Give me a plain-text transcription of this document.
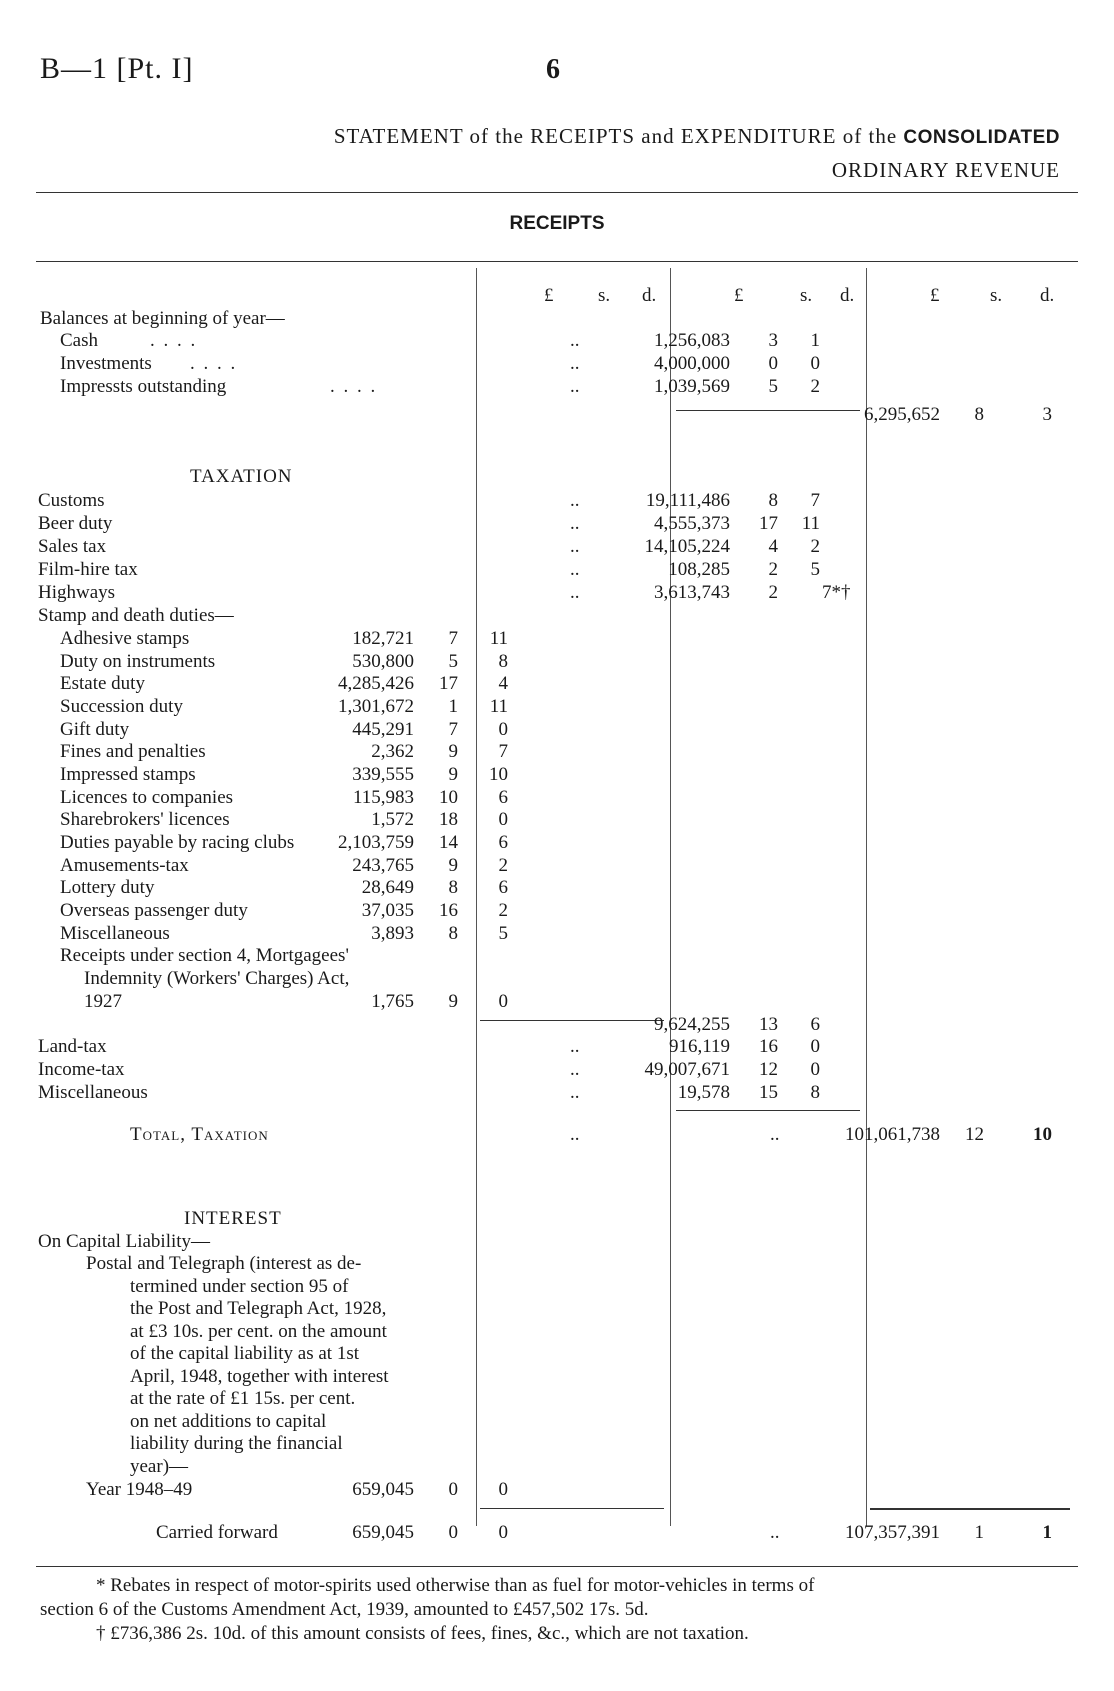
B—1 [Pt. I]	6
STATEMENT of the RECEIPTS and EXPENDITURE of the CONSOLIDATED
ORDINARY REVENUE
RECEIPTS
£ s. d.	£	s. d.	£	s. d.
Balances at beginning of year—
Cash	. . . .	..	1,256,083 3 1
Investments . . . .	..	4,000,000 0 0
Impressts outstanding	. . . .	..	1,039,569 5 2
6,295,652 8	3
TAXATION
Customs	..	19,111,486 8 7
Beer duty	..	4,555,373 17 11
Sales tax	..	14,105,224 4 2
Film-hire tax	..	108,285 2 5
Highways	..	3,613,743 2 7*†
Stamp and death duties—
Adhesive stamps	182,721 7 11
Duty on instruments	530,800 5 8
Estate duty	4,285,426 17 4
Succession duty	1,301,672 1 11
Gift duty	445,291 7 0
Fines and penalties	2,362 9 7
Impressed stamps	339,555 9 10
Licences to companies	115,983 10 6
Sharebrokers' licences	1,572 18 0
Duties payable by racing clubs 2,103,759 14 6
Amusements-tax	243,765 9 2
Lottery duty	28,649 8 6
Overseas passenger duty	37,035 16 2
Miscellaneous	3,893 8 5
Receipts under section 4, Mortgagees'
Indemnity (Workers' Charges) Act,
1927	1,765 9 0
9,624,255 13 6
Land-tax	..	916,119 16 0
Income-tax	..	49,007,671 12 0
Miscellaneous	..	19,578 15 8
Total, Taxation	..	..	101,061,738 12	10
INTEREST
On Capital Liability—
Postal and Telegraph (interest as de-
termined under section 95 of
the Post and Telegraph Act, 1928,
at £3 10s. per cent. on the amount
of the capital liability as at 1st
April, 1948, together with interest
at the rate of £1 15s. per cent.
on net additions to capital
liability during the financial
year)—
Year 1948–49	659,045 0 0
Carried forward	659,045 0 0	..	107,357,391 1	1
* Rebates in respect of motor-spirits used otherwise than as fuel for motor-vehicles in terms of
section 6 of the Customs Amendment Act, 1939, amounted to £457,502 17s. 5d.
† £736,386 2s. 10d. of this amount consists of fees, fines, &c., which are not taxation.
